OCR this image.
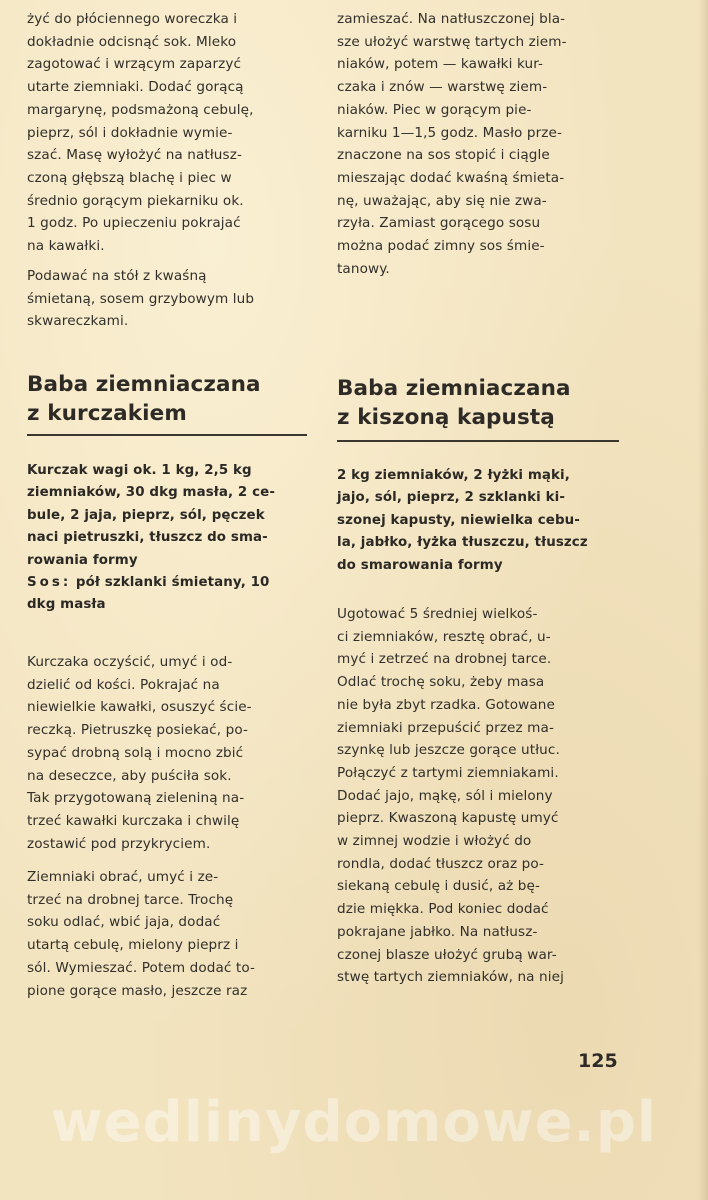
żyć do płóciennego woreczka i
dokładnie odcisnąć sok. Mleko
zagotować i wrzącym zaparzyć
utarte ziemniaki. Dodać gorącą
margarynę, podsmażoną cebulę,
pieprz, sól i dokładnie wymie-
szać. Masę wyłożyć na natłusz-
czoną głębszą blachę i piec w
średnio gorącym piekarniku ok.
1 godz. Po upieczeniu pokrajać
na kawałki.

Podawać na stół z kwaśną
śmietaną, sosem grzybowym lub
skwareczkami.

Baba ziemniaczana
z kurczakiem

Kurczak wagi ok. 1 kg, 2,5 kg
ziemniaków, 30 dkg masła, 2 ce-
bule, 2 jaja, pieprz, sól, pęczek
naci pietruszki, tłuszcz do sma-
rowania formy

Sos: pół szklanki śmietany, 10
dkg masła

Kurczaka oczyścić, umyć i od-
dzielić od kości. Pokrajać na
niewielkie kawałki, osuszyć ście-
reczką. Pietruszkę posiekać, po-
sypać drobną solą i mocno zbić
na deseczce, aby puściła sok.
Tak przygotowaną zieleniną na-
trzeć kawałki kurczaka i chwilę
zostawić pod przykryciem.

Ziemniaki obrać, umyć i ze-
trzeć na drobnej tarce. Trochę
soku odlać, wbić jaja, dodać
utartą cebulę, mielony pieprz i
sól. Wymieszać. Potem dodać to-
pione gorące masło, jeszcze raz

zamieszać. Na natłuszczonej bla-
sze ułożyć warstwę tartych ziem-
niaków, potem — kawałki kur-
czaka i znów — warstwę ziem-
niaków. Piec w gorącym pie-
karniku 1—1,5 godz. Masło prze-
znaczone na sos stopić i ciągle
mieszając dodać kwaśną śmieta-
nę, uważając, aby się nie zwa-
rzyła. Zamiast gorącego sosu
można podać zimny sos śmie-
tanowy.

Baba ziemniaczana
z kiszoną kapustą

2 kg ziemniaków, 2 łyżki mąki,
jajo, sól, pieprz, 2 szklanki ki-
szonej kapusty, niewielka cebu-
la, jabłko, łyżka tłuszczu, tłuszcz
do smarowania formy

Ugotować 5 średniej wielkoś-
ci ziemniaków, resztę obrać, u-
myć i zetrzeć na drobnej tarce.
Odlać trochę soku, żeby masa
nie była zbyt rzadka. Gotowane
ziemniaki przepuścić przez ma-
szynkę lub jeszcze gorące utłuc.
Połączyć z tartymi ziemniakami.
Dodać jajo, mąkę, sól i mielony
pieprz. Kwaszoną kapustę umyć
w zimnej wodzie i włożyć do
rondla, dodać tłuszcz oraz po-
siekaną cebulę i dusić, aż bę-
dzie miękka. Pod koniec dodać
pokrajane jabłko. Na natłusz-
czonej blasze ułożyć grubą war-
stwę tartych ziemniaków, na niej

125

wedlinydomowe.pl
